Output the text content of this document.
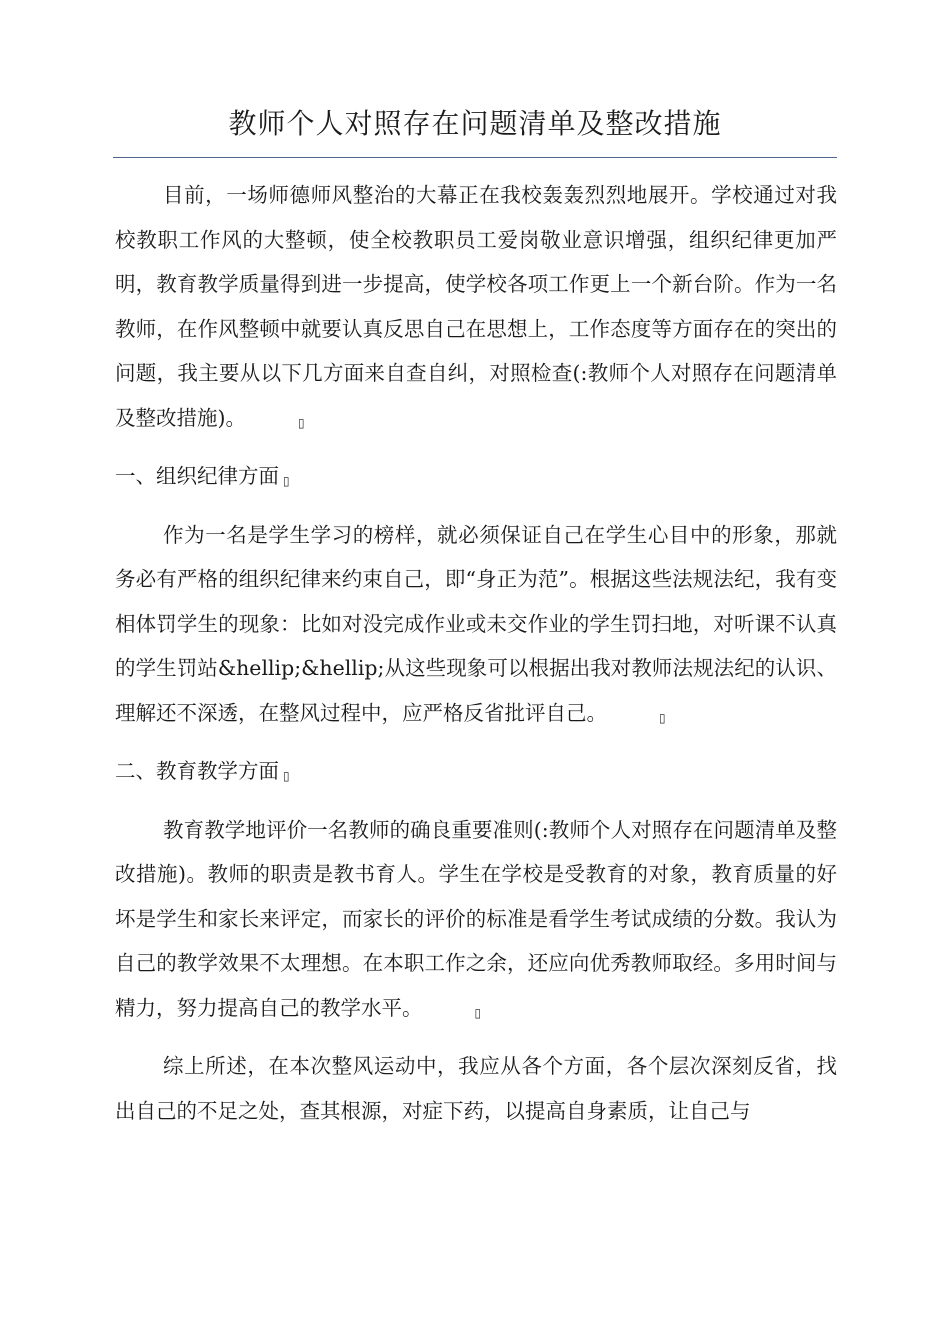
教师个人对照存在问题清单及整改措施

目前，一场师德师风整治的大幕正在我校轰轰烈烈地展开。学校通过对我校教职工作风的大整顿，使全校教职员工爱岗敬业意识增强，组织纪律更加严明，教育教学质量得到进一步提高，使学校各项工作更上一个新台阶。作为一名教师，在作风整顿中就要认真反思自己在思想上，工作态度等方面存在的突出的问题，我主要从以下几方面来自查自纠，对照检查(:教师个人对照存在问题清单及整改措施)。	▯

一、组织纪律方面 ▯

作为一名是学生学习的榜样，就必须保证自己在学生心目中的形象，那就务必有严格的组织纪律来约束自己，即“身正为范”。根据这些法规法纪，我有变相体罚学生的现象：比如对没完成作业或未交作业的学生罚扫地，对听课不认真的学生罚站&hellip;&hellip;从这些现象可以根据出我对教师法规法纪的认识、理解还不深透，在整风过程中，应严格反省批评自己。	▯

二、教育教学方面 ▯

教育教学地评价一名教师的确良重要准则(:教师个人对照存在问题清单及整改措施)。教师的职责是教书育人。学生在学校是受教育的对象，教育质量的好坏是学生和家长来评定，而家长的评价的标准是看学生考试成绩的分数。我认为自己的教学效果不太理想。在本职工作之余，还应向优秀教师取经。多用时间与精力，努力提高自己的教学水平。	▯

综上所述，在本次整风运动中，我应从各个方面，各个层次深刻反省，找出自己的不足之处，查其根源，对症下药，以提高自身素质，让自己与
